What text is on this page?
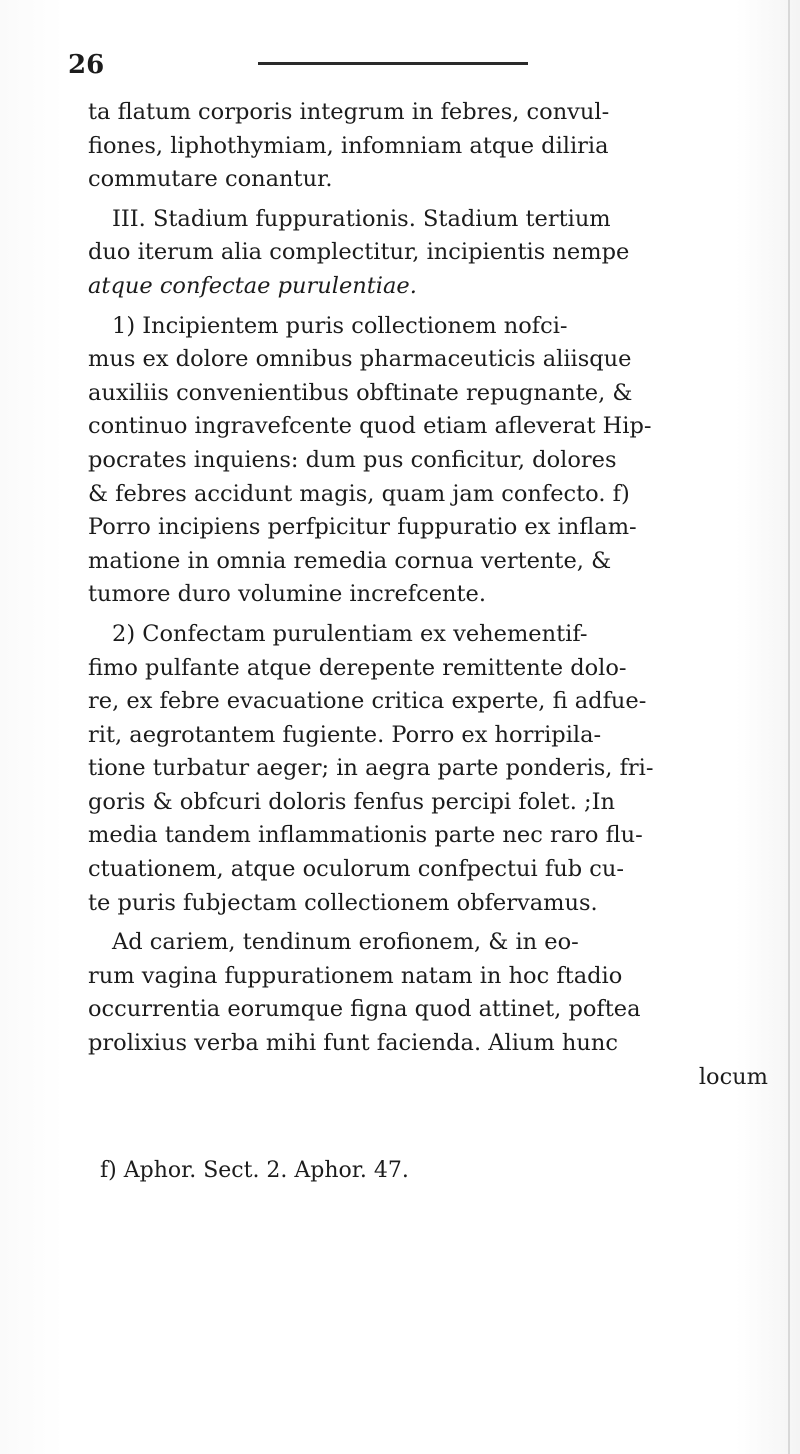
26

ta flatum corporis integrum in febres, convul-
fiones, liphothymiam, infomniam atque diliria
commutare conantur.

III. Stadium fuppurationis. Stadium tertium
duo iterum alia complectitur, incipientis nempe
atque confectae purulentiae.

1) Incipientem puris collectionem nofci-
mus ex dolore omnibus pharmaceuticis aliisque
auxiliis convenientibus obftinate repugnante, &
continuo ingravefcente quod etiam afleverat Hip-
pocrates inquiens: dum pus conficitur, dolores
& febres accidunt magis, quam jam confecto. f)
Porro incipiens perfpicitur fuppuratio ex inflam-
matione in omnia remedia cornua vertente, &
tumore duro volumine increfcente.

2) Confectam purulentiam ex vehementif-
fimo pulfante atque derepente remittente dolo-
re, ex febre evacuatione critica experte, fi adfue-
rit, aegrotantem fugiente. Porro ex horripila-
tione turbatur aeger; in aegra parte ponderis, fri-
goris & obfcuri doloris fenfus percipi folet. ;In
media tandem inflammationis parte nec raro flu-
ctuationem, atque oculorum confpectui fub cu-
te puris fubjectam collectionem obfervamus.

Ad cariem, tendinum erofionem, & in eo-
rum vagina fuppurationem natam in hoc ftadio
occurrentia eorumque figna quod attinet, poftea
prolixius verba mihi funt facienda. Alium hunc
locum

f) Aphor. Sect. 2. Aphor. 47.
